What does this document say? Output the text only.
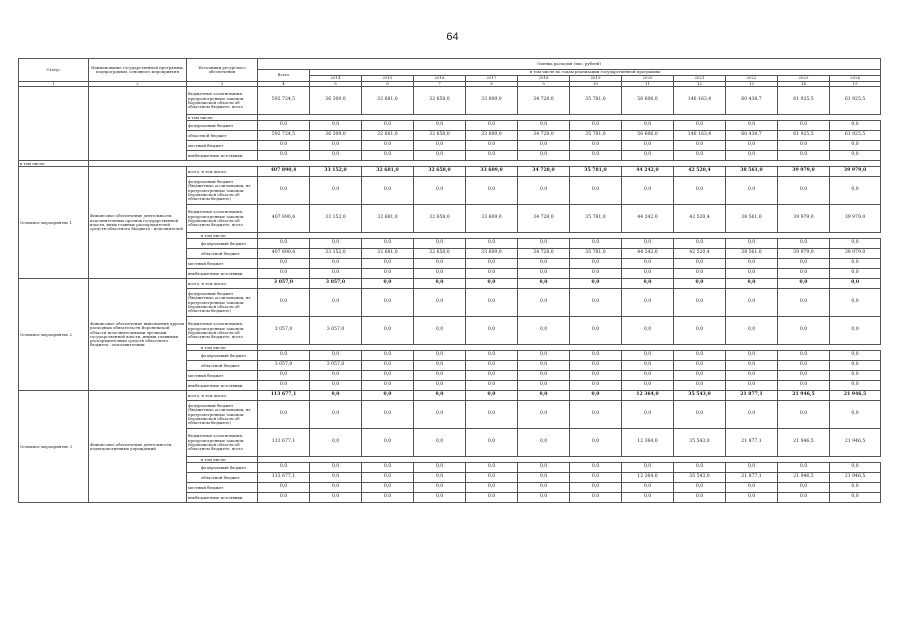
64
Статус	Наименование государственной программы, подпрограммы, основного мероприятия	Источники ресурсного обеспечения	Оценка расходов (тыс. рублей)											
			Всего	в том числе по годам реализации государственной программы										
				2014	2015	2016	2017	2018	2019	2020	2021	2022	2023	2024
1	2	3	4	5	6	7	8	9	10	11	12	13	14	15
		бюджетные ассигнования, предусмотренные законом Воронежской области об областном бюджете, всего	592 724,5	36 309,0	32 681,0	32 658,0	33 609,0	34 728,0	35 781,0	56 606,0	146 163,4	60 438,7	61 925,5	61 925,5
		в том числе:												
		федеральный бюджет	0,0	0,0	0,0	0,0	0,0	0,0	0,0	0,0	0,0	0,0	0,0	0,0
		областной бюджет	592 724,5	36 309,0	32 681,0	32 658,0	33 609,0	34 728,0	35 781,0	56 606,0	146 163,4	60 438,7	61 925,5	61 925,5
		местный бюджет	0,0	0,0	0,0	0,0	0,0	0,0	0,0	0,0	0,0	0,0	0,0	0,0
		внебюджетные источники	0,0	0,0	0,0	0,0	0,0	0,0	0,0	0,0	0,0	0,0	0,0	0,0
в том числе:														
Основное мероприятие 1	Финансовое обеспечение деятельности исполнительных органов государственной власти, иных главных распорядителей средств областного бюджета - исполнителей	всего, в том числе:	407 890,4	33 152,0	32 681,0	32 658,0	33 609,0	34 728,0	35 781,0	44 242,0	42 520,4	38 561,0	39 979,0	39 979,0
		федеральный бюджет (бюджетные ассигнования, не предусмотренные законом Воронежской области об областном бюджете)	0,0	0,0	0,0	0,0	0,0	0,0	0,0	0,0	0,0	0,0	0,0	0,0
		бюджетные ассигнования, предусмотренные законом Воронежской области об областном бюджете, всего	407 890,4	33 152,0	32 681,0	32 658,0	33 609,0	34 728,0	35 781,0	44 242,0	42 520,4	38 561,0	39 979,0	39 979,0
		в том числе:												
		федеральный бюджет	0,0	0,0	0,0	0,0	0,0	0,0	0,0	0,0	0,0	0,0	0,0	0,0
		областной бюджет	407 890,4	33 152,0	32 681,0	32 658,0	33 609,0	34 728,0	35 781,0	44 242,0	42 520,4	38 561,0	39 979,0	39 979,0
		местный бюджет	0,0	0,0	0,0	0,0	0,0	0,0	0,0	0,0	0,0	0,0	0,0	0,0
		внебюджетные источники	0,0	0,0	0,0	0,0	0,0	0,0	0,0	0,0	0,0	0,0	0,0	0,0
Основное мероприятие 2	Финансовое обеспечение выполнения других расходных обязательств Воронежской области исполнительными органами государственной власти, иными главными распорядителями средств областного бюджета - исполнителями	всего, в том числе:	3 057,0	3 057,0	0,0	0,0	0,0	0,0	0,0	0,0	0,0	0,0	0,0	0,0
		федеральный бюджет (бюджетные ассигнования, не предусмотренные законом Воронежской области об областном бюджете)	0,0	0,0	0,0	0,0	0,0	0,0	0,0	0,0	0,0	0,0	0,0	0,0
		бюджетные ассигнования, предусмотренные законом Воронежской области об областном бюджете, всего	3 057,0	3 057,0	0,0	0,0	0,0	0,0	0,0	0,0	0,0	0,0	0,0	0,0
		в том числе:												
		федеральный бюджет	0,0	0,0	0,0	0,0	0,0	0,0	0,0	0,0	0,0	0,0	0,0	0,0
		областной бюджет	3 057,0	3 057,0	0,0	0,0	0,0	0,0	0,0	0,0	0,0	0,0	0,0	0,0
		местный бюджет	0,0	0,0	0,0	0,0	0,0	0,0	0,0	0,0	0,0	0,0	0,0	0,0
		внебюджетные источники	0,0	0,0	0,0	0,0	0,0	0,0	0,0	0,0	0,0	0,0	0,0	0,0
Основное мероприятие 3	Финансовое обеспечение деятельности подведомственных учреждений	всего, в том числе:	113 677,1	0,0	0,0	0,0	0,0	0,0	0,0	12 364,0	35 543,0	21 877,1	21 946,5	21 946,5
		федеральный бюджет (бюджетные ассигнования, не предусмотренные законом Воронежской области об областном бюджете)	0,0	0,0	0,0	0,0	0,0	0,0	0,0	0,0	0,0	0,0	0,0	0,0
		бюджетные ассигнования, предусмотренные законом Воронежской области об областном бюджете, всего	113 677,1	0,0	0,0	0,0	0,0	0,0	0,0	12 364,0	35 543,0	21 877,1	21 946,5	21 946,5
		в том числе:												
		федеральный бюджет	0,0	0,0	0,0	0,0	0,0	0,0	0,0	0,0	0,0	0,0	0,0	0,0
		областной бюджет	113 677,1	0,0	0,0	0,0	0,0	0,0	0,0	12 364,0	35 543,0	21 877,1	21 946,5	21 946,5
		местный бюджет	0,0	0,0	0,0	0,0	0,0	0,0	0,0	0,0	0,0	0,0	0,0	0,0
		внебюджетные источники	0,0	0,0	0,0	0,0	0,0	0,0	0,0	0,0	0,0	0,0	0,0	0,0
